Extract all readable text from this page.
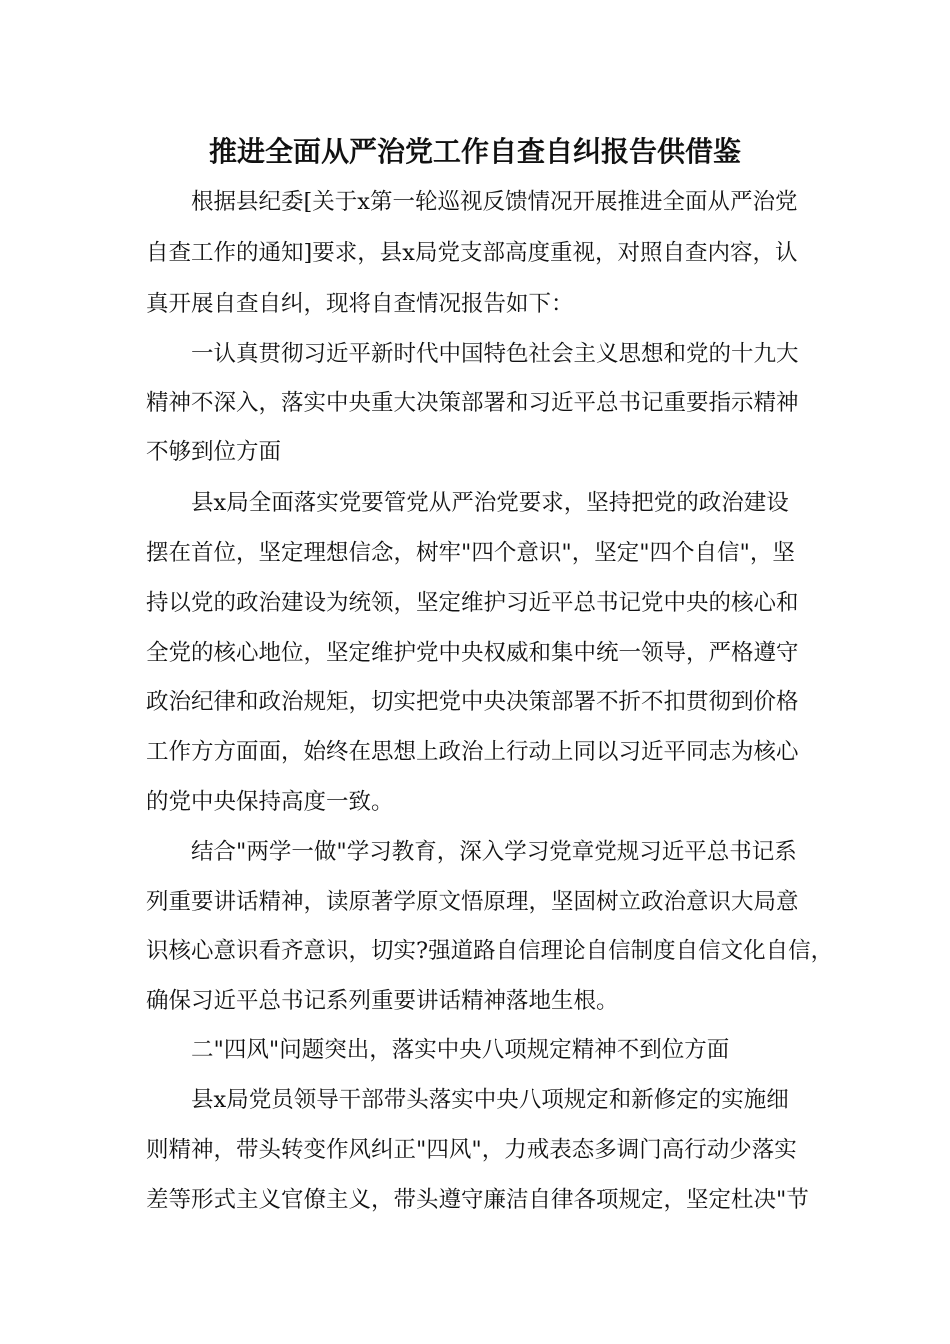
推进全面从严治党工作自查自纠报告供借鉴

根据县纪委[关于x第一轮巡视反馈情况开展推进全面从严治党

自查工作的通知]要求，县x局党支部高度重视，对照自查内容，认

真开展自查自纠，现将自查情况报告如下：

一认真贯彻习近平新时代中国特色社会主义思想和党的十九大

精神不深入，落实中央重大决策部署和习近平总书记重要指示精神

不够到位方面

县x局全面落实党要管党从严治党要求，坚持把党的政治建设

摆在首位，坚定理想信念，树牢"四个意识"，坚定"四个自信"，坚

持以党的政治建设为统领，坚定维护习近平总书记党中央的核心和

全党的核心地位，坚定维护党中央权威和集中统一领导，严格遵守

政治纪律和政治规矩，切实把党中央决策部署不折不扣贯彻到价格

工作方方面面，始终在思想上政治上行动上同以习近平同志为核心

的党中央保持高度一致。

结合"两学一做"学习教育，深入学习党章党规习近平总书记系

列重要讲话精神，读原著学原文悟原理，坚固树立政治意识大局意

识核心意识看齐意识，切实?强道路自信理论自信制度自信文化自信，

确保习近平总书记系列重要讲话精神落地生根。

二"四风"问题突出，落实中央八项规定精神不到位方面

县x局党员领导干部带头落实中央八项规定和新修定的实施细

则精神，带头转变作风纠正"四风"，力戒表态多调门高行动少落实

差等形式主义官僚主义，带头遵守廉洁自律各项规定，坚定杜决"节
